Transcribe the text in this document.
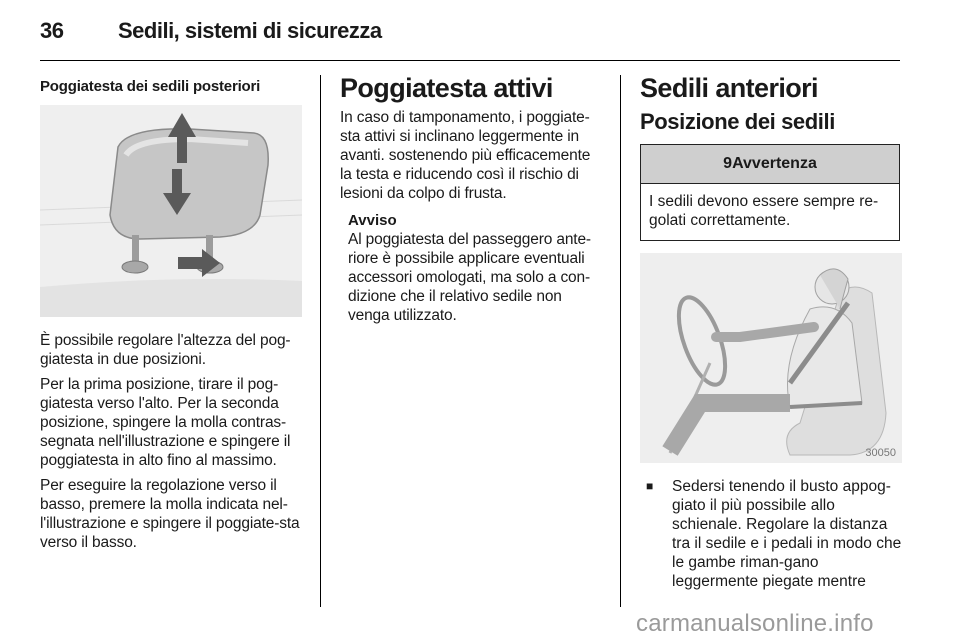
36 Sedili, sistemi di sicurezza
Poggiatesta dei sedili posteriori

È possibile regolare l'altezza del pog-giatesta in due posizioni.

Per la prima posizione, tirare il pog-giatesta verso l'alto. Per la seconda posizione, spingere la molla contras-segnata nell'illustrazione e spingere il poggiatesta in alto fino al massimo.

Per eseguire la regolazione verso il basso, premere la molla indicata nel-l'illustrazione e spingere il poggiate-sta verso il basso.

Poggiatesta attivi

In caso di tamponamento, i poggiate-sta attivi si inclinano leggermente in avanti. sostenendo più efficacemente la testa e riducendo così il rischio di lesioni da colpo di frusta.

Avviso

Al poggiatesta del passeggero ante-riore è possibile applicare eventuali accessori omologati, ma solo a con-dizione che il relativo sedile non venga utilizzato.

Sedili anteriori
Posizione dei sedili
9Avvertenza
I sedili devono essere sempre re-golati correttamente.
30050
■	Sedersi tenendo il busto appog-giato il più possibile allo schienale. Regolare la distanza tra il sedile e i pedali in modo che le gambe riman-gano leggermente piegate mentre
carmanualsonline.info
